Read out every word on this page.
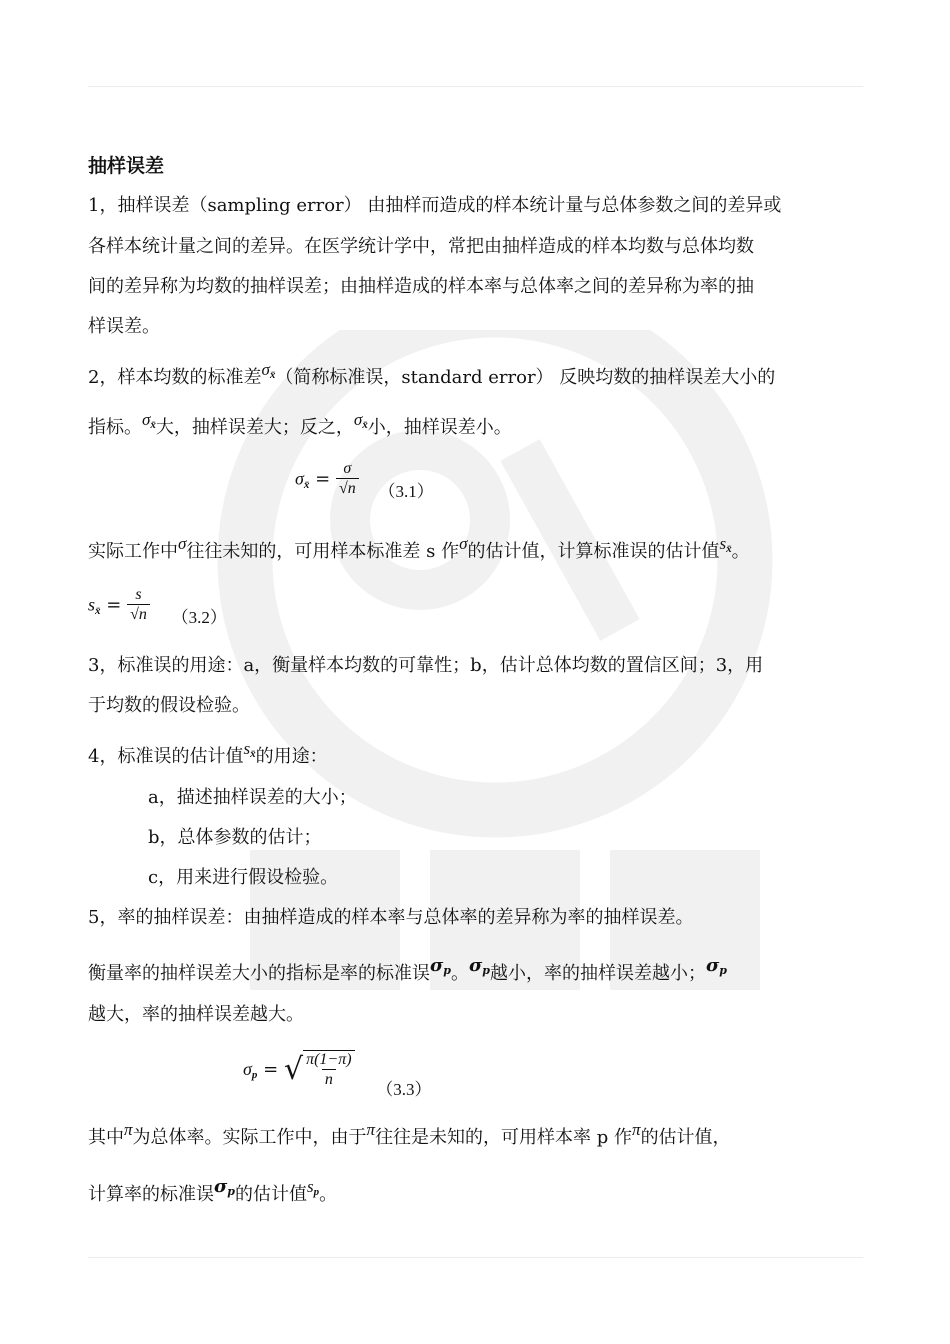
抽样误差
1，抽样误差（sampling error） 由抽样而造成的样本统计量与总体参数之间的差异或
各样本统计量之间的差异。在医学统计学中，常把由抽样造成的样本均数与总体均数
间的差异称为均数的抽样误差；由抽样造成的样本率与总体率之间的差异称为率的抽
样误差。
2，样本均数的标准差σx̄（简称标准误，standard error） 反映均数的抽样误差大小的
指标。σx̄大，抽样误差大；反之，σx̄小，抽样误差小。
σx̄ = $\frac{\sigma}{√n} (3.1)$
实际工作中σ往往未知的，可用样本标准差 s 作σ的估计值，计算标准误的估计值sx̄。
sx̄ = $\frac{s}{√n} (3.2)$
3，标准误的用途：a，衡量样本均数的可靠性；b，估计总体均数的置信区间；3，用
于均数的假设检验。
4，标准误的估计值sx̄的用途：
a，描述抽样误差的大小；
b，总体参数的估计；
c，用来进行假设检验。
5，率的抽样误差：由抽样造成的样本率与总体率的差异称为率的抽样误差。
衡量率的抽样误差大小的指标是率的标准误σp。σp越小，率的抽样误差越小；σp
越大，率的抽样误差越大。
σp = √ $\frac{\pi(1-\pi)}{n} (3.3)$
其中π为总体率。实际工作中，由于π往往是未知的，可用样本率 p 作π的估计值，
计算率的标准误σp的估计值sp。
